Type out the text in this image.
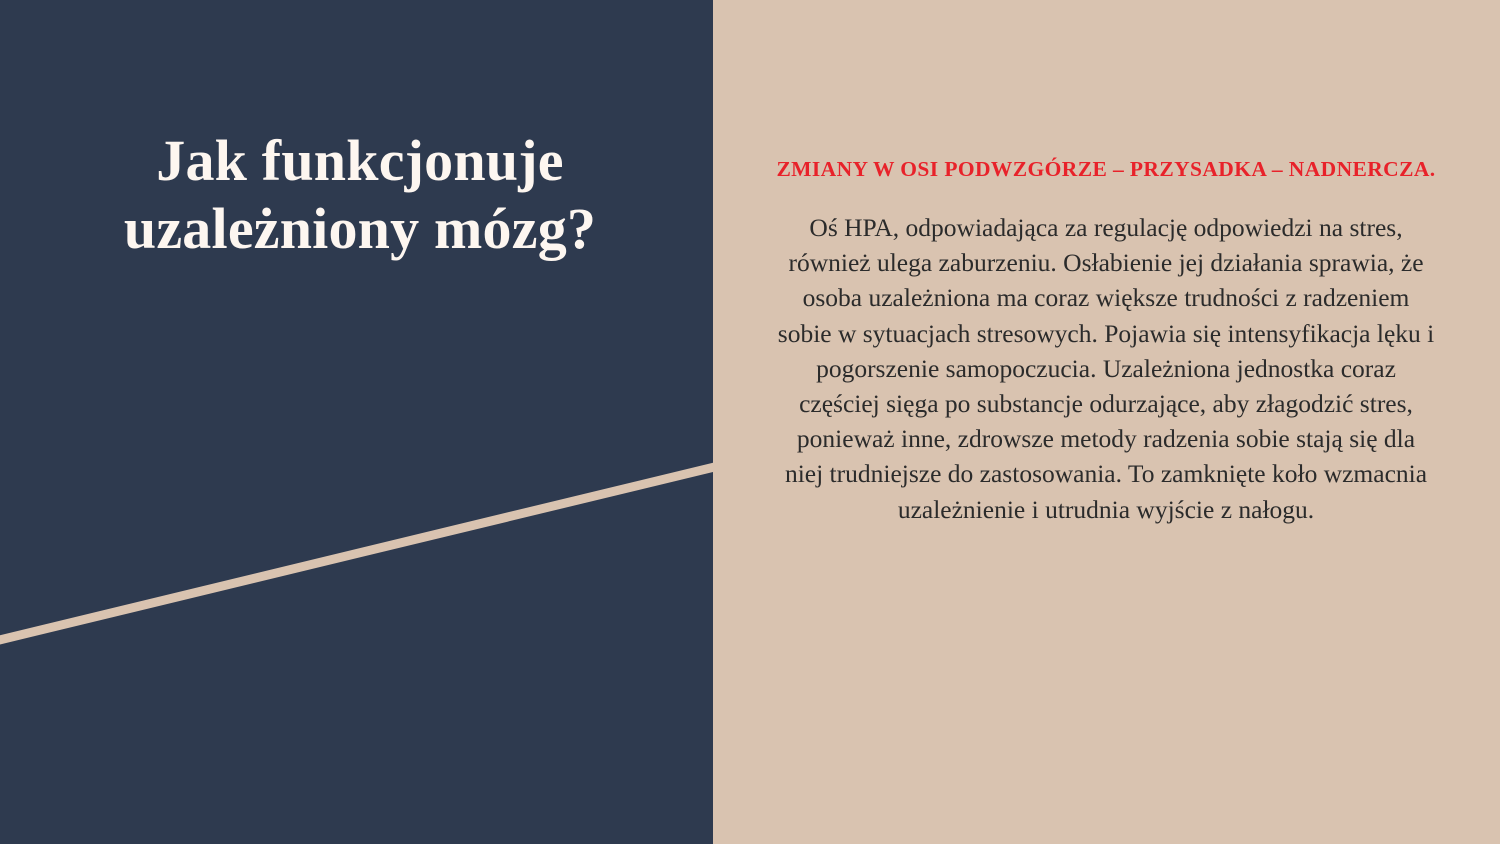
Jak funkcjonuje uzależniony mózg?
ZMIANY W OSI PODWZGÓRZE – PRZYSADKA – NADNERCZA.

Oś HPA, odpowiadająca za regulację odpowiedzi na stres, również ulega zaburzeniu. Osłabienie jej działania sprawia, że osoba uzależniona ma coraz większe trudności z radzeniem sobie w sytuacjach stresowych. Pojawia się intensyfikacja lęku i pogorszenie samopoczucia. Uzależniona jednostka coraz częściej sięga po substancje odurzające, aby złagodzić stres, ponieważ inne, zdrowsze metody radzenia sobie stają się dla niej trudniejsze do zastosowania. To zamknięte koło wzmacnia uzależnienie i utrudnia wyjście z nałogu.
